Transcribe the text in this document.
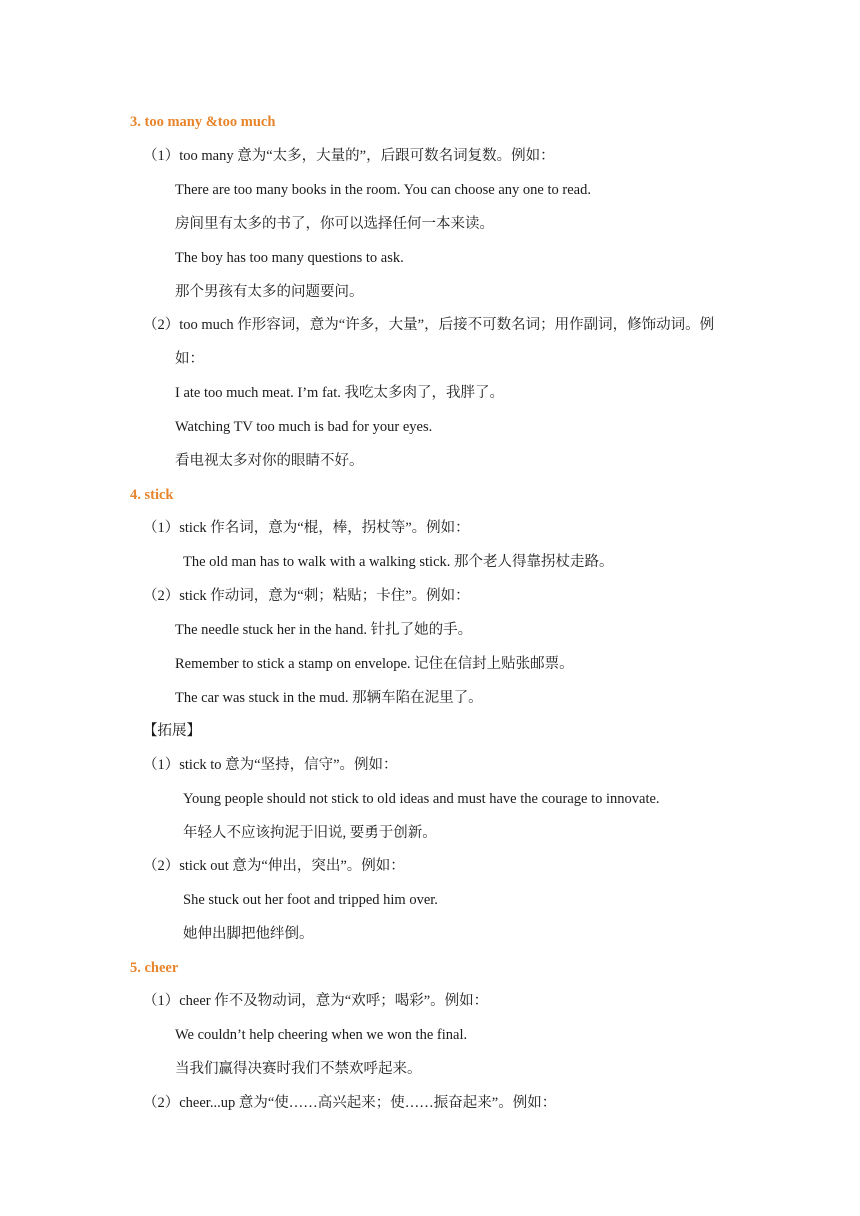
3. too many &too much
（1）too many 意为“太多，大量的”，后跟可数名词复数。例如：
There are too many books in the room. You can choose any one to read.
房间里有太多的书了，你可以选择任何一本来读。
The boy has too many questions to ask.
那个男孩有太多的问题要问。
（2）too much 作形容词，意为“许多，大量”，后接不可数名词；用作副词，修饰动词。例
如：
I ate too much meat. I’m fat. 我吃太多肉了，我胖了。
Watching TV too much is bad for your eyes.
看电视太多对你的眼睛不好。
4. stick
（1）stick 作名词，意为“棍，棒，拐杖等”。例如：
The old man has to walk with a walking stick. 那个老人得靠拐杖走路。
（2）stick 作动词，意为“刺；粘贴；卡住”。例如：
The needle stuck her in the hand. 针扎了她的手。
Remember to stick a stamp on envelope. 记住在信封上贴张邮票。
The car was stuck in the mud. 那辆车陷在泥里了。
【拓展】
（1）stick to 意为“坚持，信守”。例如：
Young people should not stick to old ideas and must have the courage to innovate.
年轻人不应该拘泥于旧说, 要勇于创新。
（2）stick out 意为“伸出，突出”。例如：
She stuck out her foot and tripped him over.
她伸出脚把他绊倒。
5. cheer
（1）cheer 作不及物动词，意为“欢呼；喝彩”。例如：
We couldn’t help cheering when we won the final.
当我们赢得决赛时我们不禁欢呼起来。
（2）cheer...up 意为“使……高兴起来；使……振奋起来”。例如：
